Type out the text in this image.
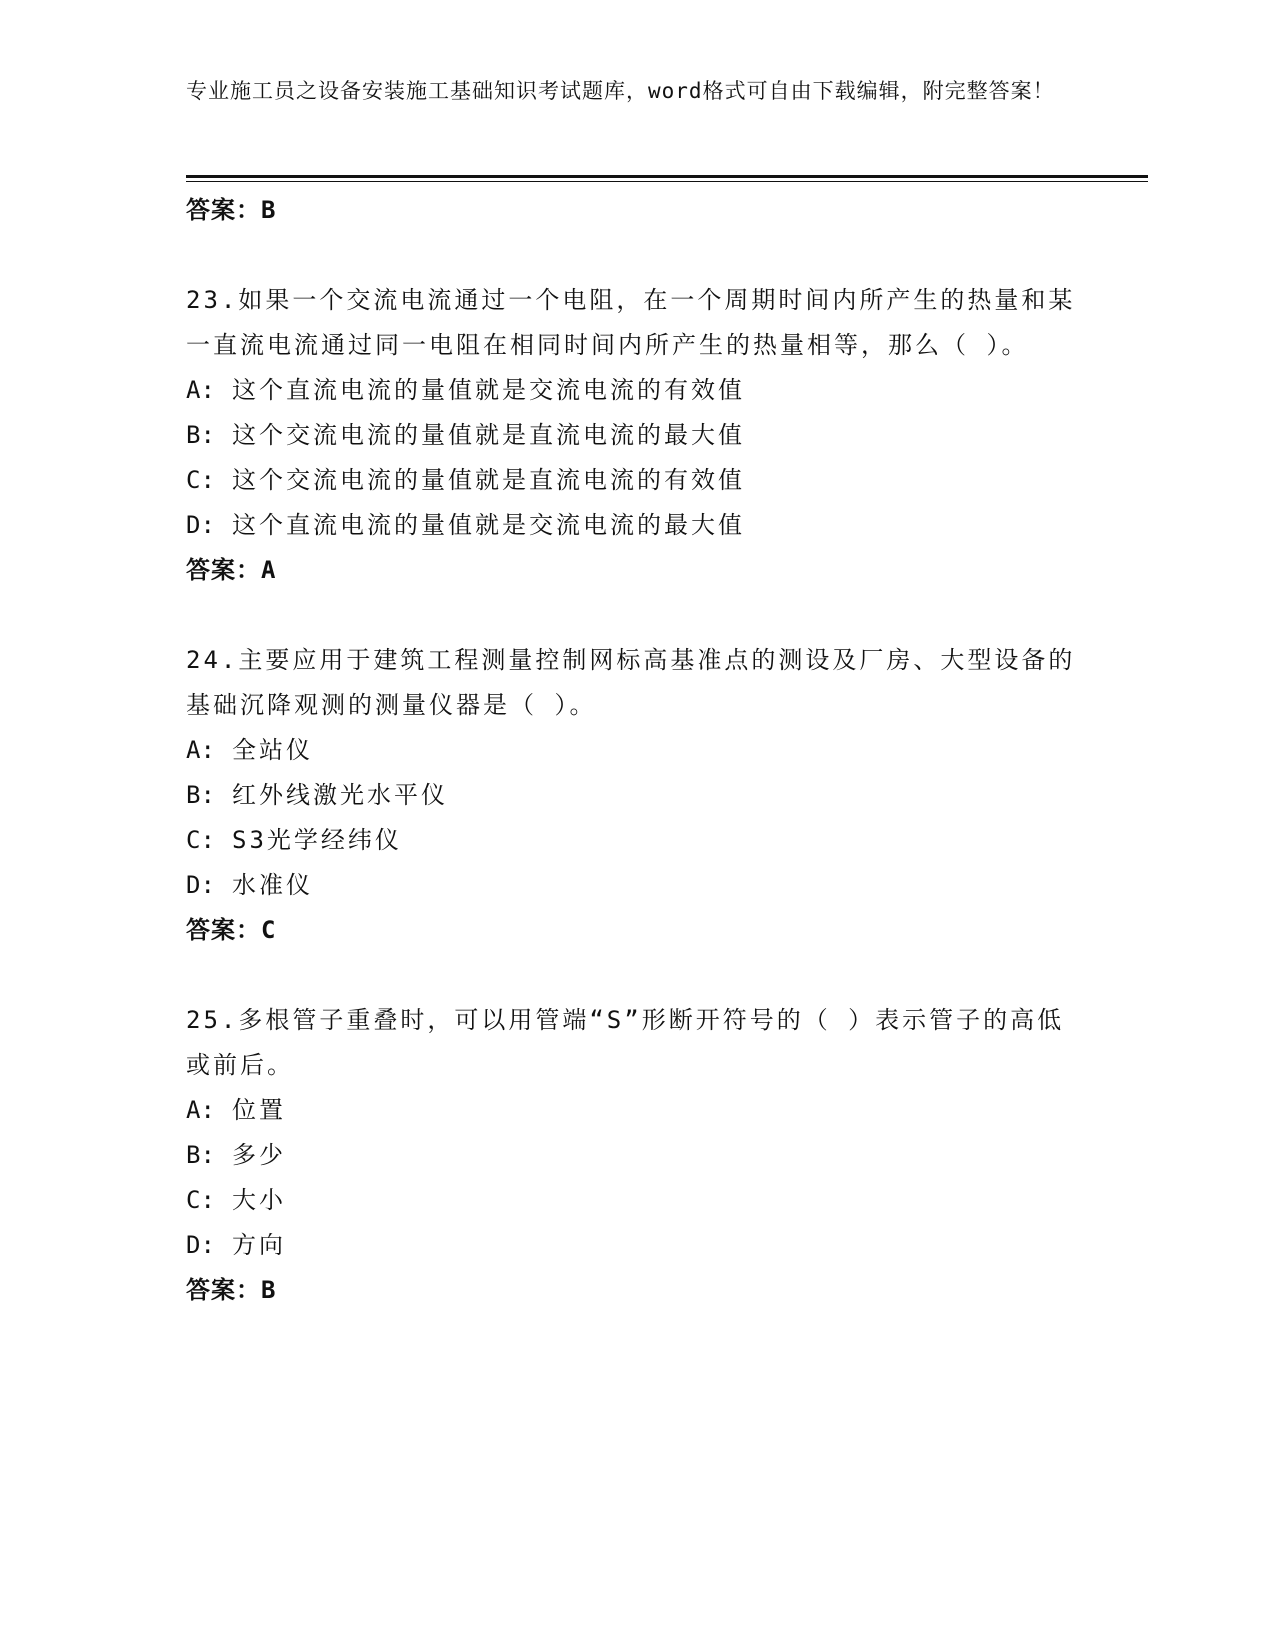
专业施工员之设备安装施工基础知识考试题库，word格式可自由下载编辑，附完整答案！
答案：B
23.如果一个交流电流通过一个电阻，在一个周期时间内所产生的热量和某一直流电流通过同一电阻在相同时间内所产生的热量相等，那么（ ）。
A: 这个直流电流的量值就是交流电流的有效值
B: 这个交流电流的量值就是直流电流的最大值
C: 这个交流电流的量值就是直流电流的有效值
D: 这个直流电流的量值就是交流电流的最大值
答案：A
24.主要应用于建筑工程测量控制网标高基准点的测设及厂房、大型设备的基础沉降观测的测量仪器是（ ）。
A: 全站仪
B: 红外线激光水平仪
C: S3光学经纬仪
D: 水准仪
答案：C
25.多根管子重叠时，可以用管端“S”形断开符号的（ ）表示管子的高低或前后。
A: 位置
B: 多少
C: 大小
D: 方向
答案：B
